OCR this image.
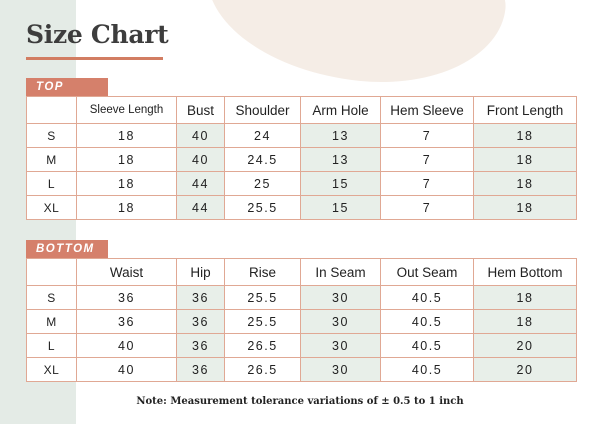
Size Chart
TOP
	Sleeve Length	Bust	Shoulder	Arm Hole	Hem Sleeve	Front Length
S	18	40	24	13	7	18
M	18	40	24.5	13	7	18
L	18	44	25	15	7	18
XL	18	44	25.5	15	7	18
BOTTOM
	Waist	Hip	Rise	In Seam	Out Seam	Hem Bottom
S	36	36	25.5	30	40.5	18
M	36	36	25.5	30	40.5	18
L	40	36	26.5	30	40.5	20
XL	40	36	26.5	30	40.5	20
Note: Measurement tolerance variations of ± 0.5 to 1 inch
